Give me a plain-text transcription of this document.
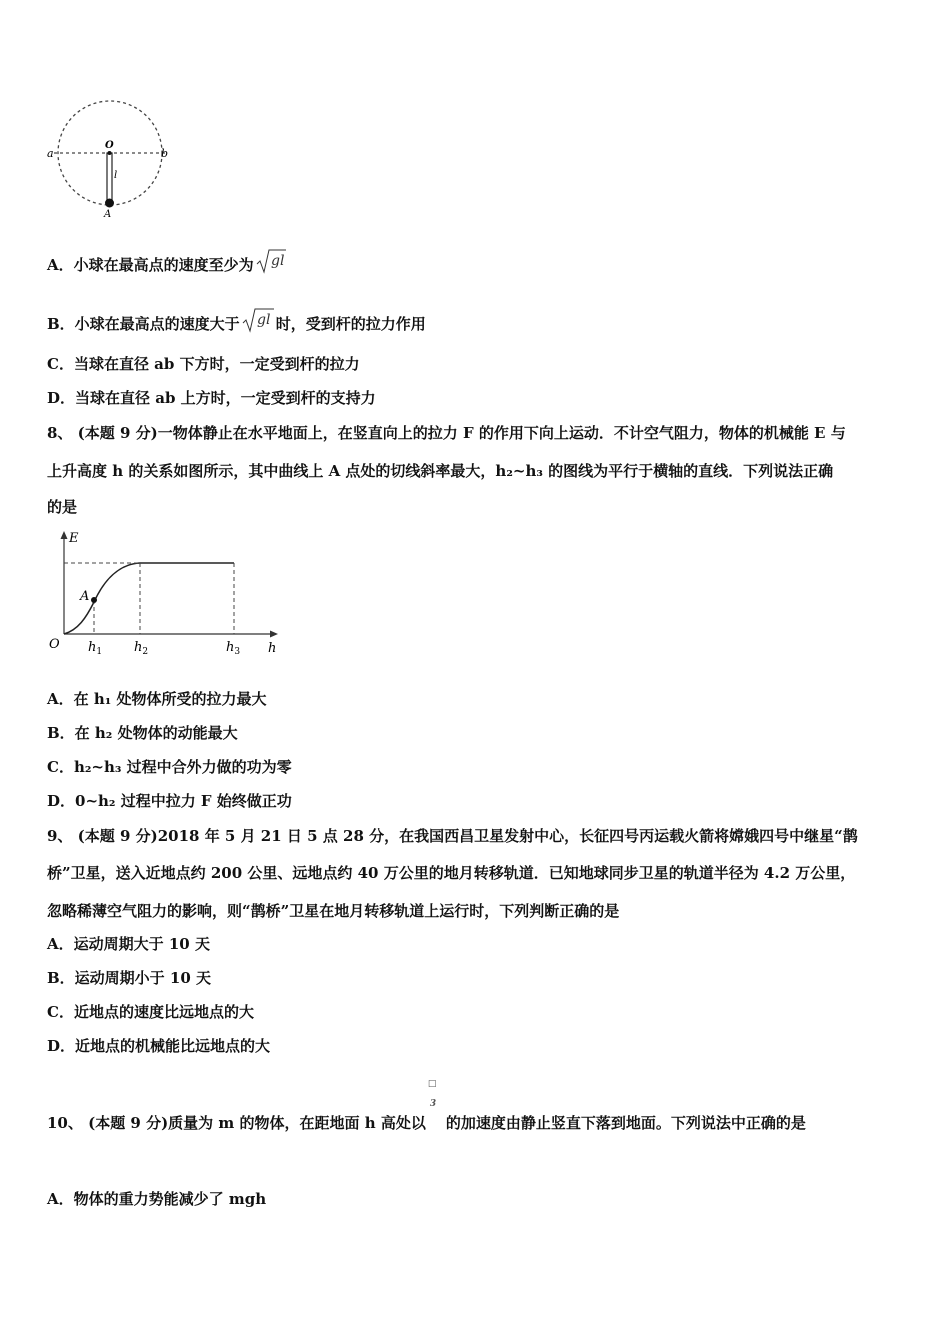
a	b
O
l
A
A．小球在最高点的速度至少为 gl
B．小球在最高点的速度大于 gl 时，受到杆的拉力作用
C．当球在直径 ab 下方时，一定受到杆的拉力
D．当球在直径 ab 上方时，一定受到杆的支持力
8、 (本题 9 分)一物体静止在水平地面上，在竖直向上的拉力 F 的作用下向上运动．不计空气阻力，物体的机械能 E 与
上升高度 h 的关系如图所示，其中曲线上 A 点处的切线斜率最大，h₂~h₃ 的图线为平行于横轴的直线．下列说法正确
的是
E
O
A
$h_1$ $h_2$	$h_3$ h
A．在 h₁ 处物体所受的拉力最大
B．在 h₂ 处物体的动能最大
C．h₂~h₃ 过程中合外力做的功为零
D．0~h₂ 过程中拉力 F 始终做正功
9、 (本题 9 分)2018 年 5 月 21 日 5 点 28 分，在我国西昌卫星发射中心，长征四号丙运载火箭将嫦娥四号中继星“鹊
桥”卫星，送入近地点约 200 公里、远地点约 40 万公里的地月转移轨道．已知地球同步卫星的轨道半径为 4.2 万公里，
忽略稀薄空气阻力的影响，则“鹊桥”卫星在地月转移轨道上运行时，下列判断正确的是
A．运动周期大于 10 天
B．运动周期小于 10 天
C．近地点的速度比远地点的大
D．近地点的机械能比远地点的大
10、 (本题 9 分)质量为 m 的物体，在距地面 h 高处以
□
3
的加速度由静止竖直下落到地面。下列说法中正确的是
A．物体的重力势能减少了 mgh
